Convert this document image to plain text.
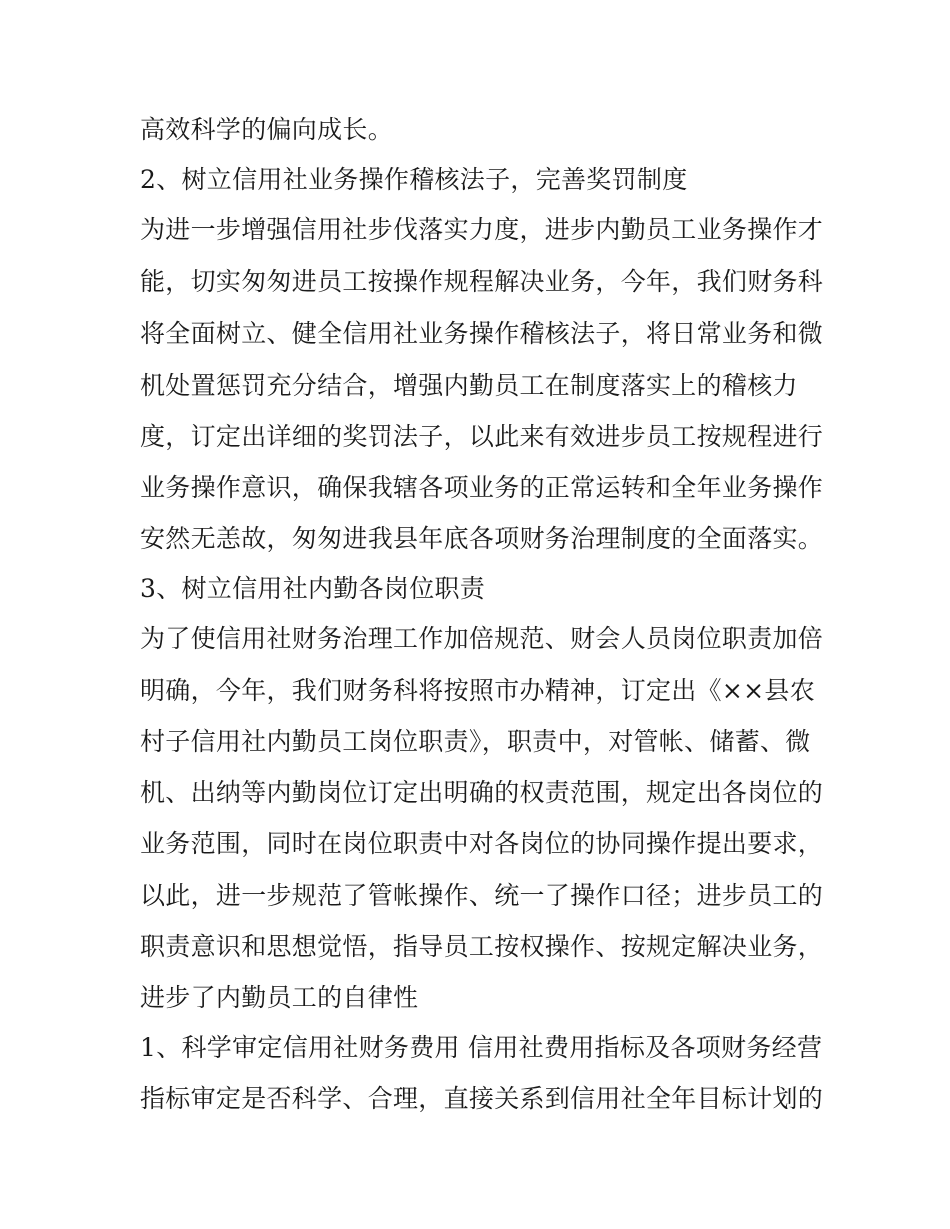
高效科学的偏向成长。
2、树立信用社业务操作稽核法子，完善奖罚制度
为进一步增强信用社步伐落实力度，进步内勤员工业务操作才
能，切实匆匆进员工按操作规程解决业务，今年，我们财务科
将全面树立、健全信用社业务操作稽核法子，将日常业务和微
机处置惩罚充分结合，增强内勤员工在制度落实上的稽核力
度，订定出详细的奖罚法子，以此来有效进步员工按规程进行
业务操作意识，确保我辖各项业务的正常运转和全年业务操作
安然无恙故，匆匆进我县年底各项财务治理制度的全面落实。
3、树立信用社内勤各岗位职责
为了使信用社财务治理工作加倍规范、财会人员岗位职责加倍
明确，今年，我们财务科将按照市办精神，订定出《××县农
村子信用社内勤员工岗位职责》，职责中，对管帐、储蓄、微
机、出纳等内勤岗位订定出明确的权责范围，规定出各岗位的
业务范围，同时在岗位职责中对各岗位的协同操作提出要求，
以此，进一步规范了管帐操作、统一了操作口径；进步员工的
职责意识和思想觉悟，指导员工按权操作、按规定解决业务，
进步了内勤员工的自律性
1、科学审定信用社财务费用 信用社费用指标及各项财务经营
指标审定是否科学、合理，直接关系到信用社全年目标计划的
